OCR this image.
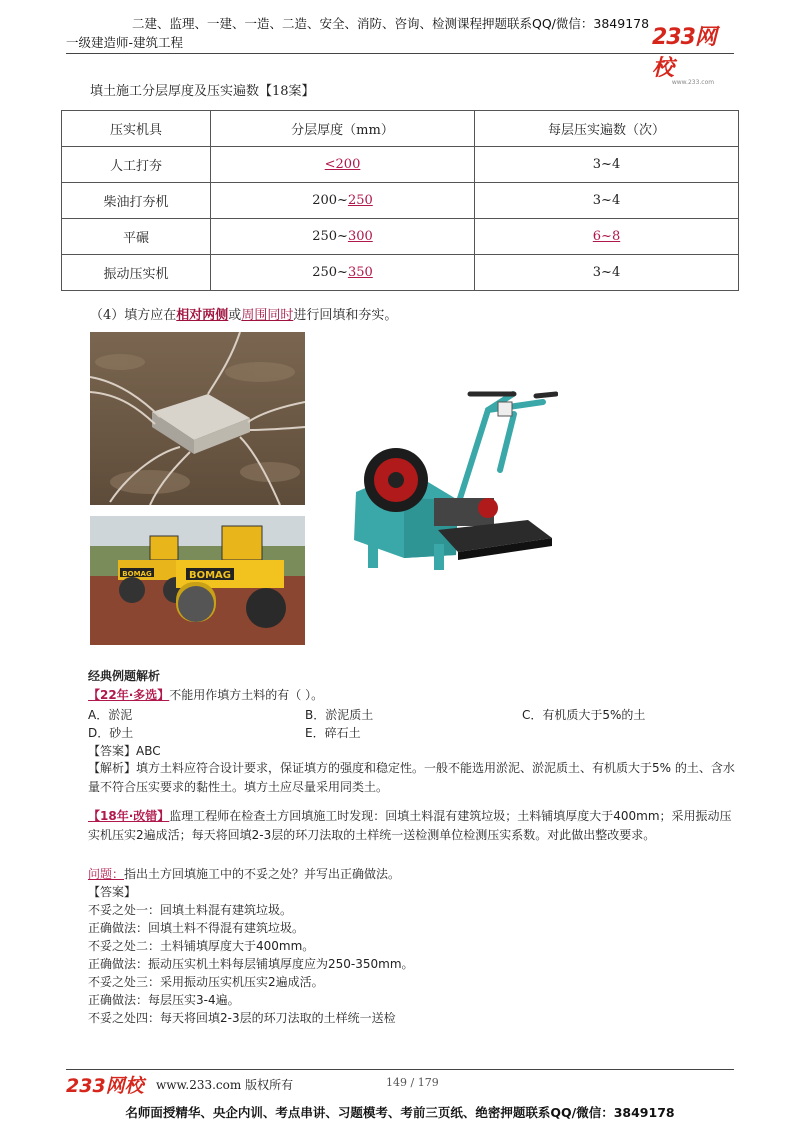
二建、监理、一建、一造、二造、安全、消防、咨询、检测课程押题联系QQ/微信：3849178
一级建造师-建筑工程	233网校
www.233.com
填土施工分层厚度及压实遍数【18案】
压实机具	分层厚度（mm）	每层压实遍数（次）
人工打夯	<200	3~4
柴油打夯机	200~250	3~4
平碾	250~300	6~8
振动压实机	250~350	3~4
（4）填方应在相对两侧或周围同时进行回填和夯实。
BOMAG	BOMAG
经典例题解析
【22年·多选】不能用作填方土料的有（ ）。
A．淤泥	B．淤泥质土	C．有机质大于5%的土
D．砂土	E．碎石土
【答案】ABC
【解析】填方土料应符合设计要求，保证填方的强度和稳定性。一般不能选用淤泥、淤泥质土、有机质大于5% 的土、含水量不符合压实要求的黏性土。填方土应尽量采用同类土。
【18年·改错】监理工程师在检查土方回填施工时发现：回填土料混有建筑垃圾；土料铺填厚度大于400mm；采用振动压实机压实2遍成活；每天将回填2-3层的环刀法取的土样统一送检测单位检测压实系数。对此做出整改要求。
问题：指出土方回填施工中的不妥之处？并写出正确做法。
【答案】
不妥之处一：回填土料混有建筑垃圾。
正确做法：回填土料不得混有建筑垃圾。
不妥之处二：土料铺填厚度大于400mm。
正确做法：振动压实机土料每层铺填厚度应为250-350mm。
不妥之处三：采用振动压实机压实2遍成活。
正确做法：每层压实3-4遍。
不妥之处四：每天将回填2-3层的环刀法取的土样统一送检
233网校 www.233.com 版权所有	149 / 179
名师面授精华、央企内训、考点串讲、习题模考、考前三页纸、绝密押题联系QQ/微信：3849178
